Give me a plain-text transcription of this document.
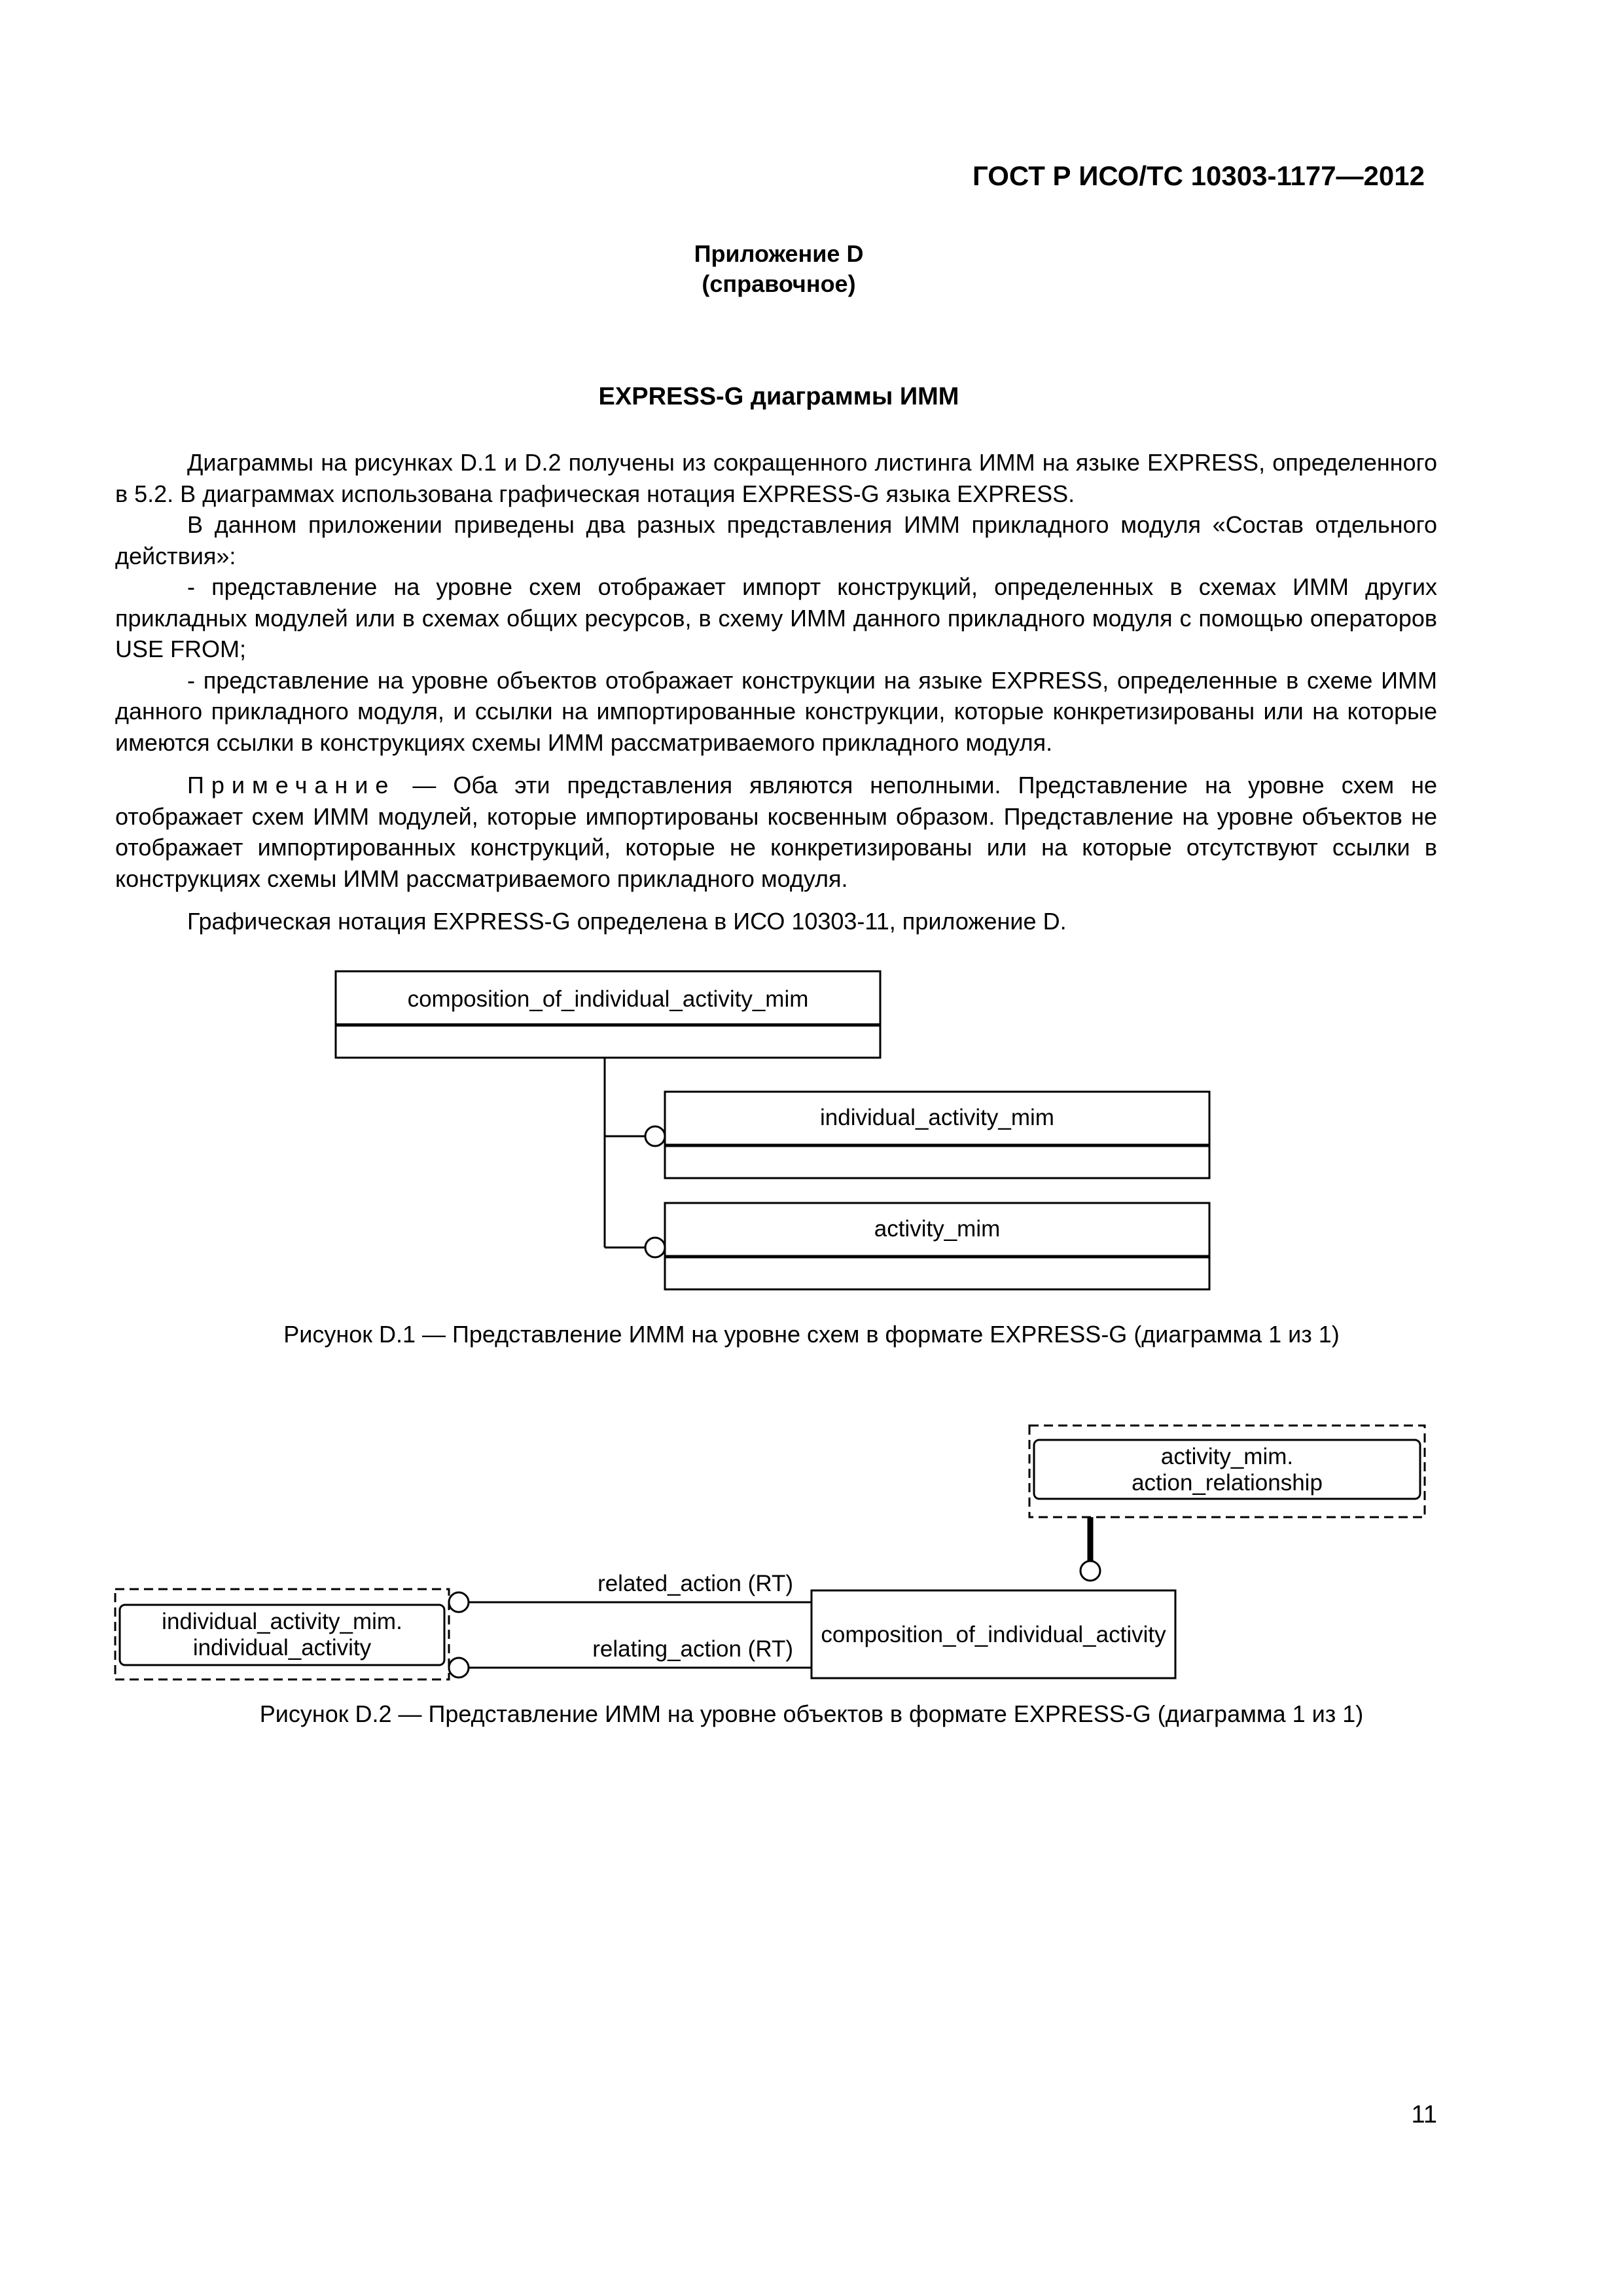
ГОСТ Р ИСО/ТС 10303-1177—2012
Приложение D
(справочное)
EXPRESS-G диаграммы ИММ

Диаграммы на рисунках D.1 и D.2 получены из сокращенного листинга ИММ на языке EXPRESS, определенного в 5.2. В диаграммах использована графическая нотация EXPRESS-G языка EXPRESS.

В данном приложении приведены два разных представления ИММ прикладного модуля «Состав отдельного действия»:

- представление на уровне схем отображает импорт конструкций, определенных в схемах ИММ других прикладных модулей или в схемах общих ресурсов, в схему ИММ данного прикладного модуля с помощью операторов USE FROM;

- представление на уровне объектов отображает конструкции на языке EXPRESS, определенные в схеме ИММ данного прикладного модуля, и ссылки на импортированные конструкции, которые конкретизированы или на которые имеются ссылки в конструкциях схемы ИММ рассматриваемого прикладного модуля.

Примечание — Оба эти представления являются неполными. Представление на уровне схем не отображает схем ИММ модулей, которые импортированы косвенным образом. Представление на уровне объектов не отображает импортированных конструкций, которые не конкретизированы или на которые отсутствуют ссылки в конструкциях схемы ИММ рассматриваемого прикладного модуля.

Графическая нотация EXPRESS-G определена в ИСО 10303-11, приложение D.

composition_of_individual_activity_mim
individual_activity_mim
activity_mim
activity_mim.
action_relationship
individual_activity_mim.
individual_activity
composition_of_individual_activity
related_action (RT)
relating_action (RT)
Рисунок D.1 — Представление ИММ на уровне схем в формате EXPRESS-G (диаграмма 1 из 1)
Рисунок D.2 — Представление ИММ на уровне объектов в формате EXPRESS-G (диаграмма 1 из 1)
11
